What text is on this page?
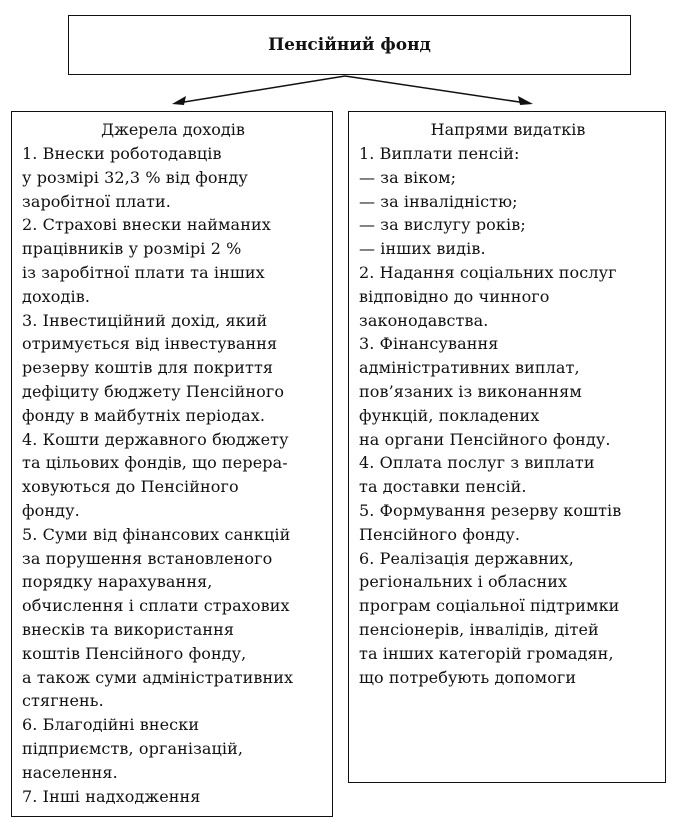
Пенсійний фонд
Джерела доходів
1. Внески роботодавців
у розмірі 32,3 % від фонду
заробітної плати.
2. Страхові внески найманих
працівників у розмірі 2 %
із заробітної плати та інших
доходів.
3. Інвестиційний дохід, який
отримується від інвестування
резерву коштів для покриття
дефіциту бюджету Пенсійного
фонду в майбутніх періодах.
4. Кошти державного бюджету
та цільових фондів, що перера-
ховуються до Пенсійного
фонду.
5. Суми від фінансових санкцій
за порушення встановленого
порядку нарахування,
обчислення і сплати страхових
внесків та використання
коштів Пенсійного фонду,
а також суми адміністративних
стягнень.
6. Благодійні внески
підприємств, організацій,
населення.
7. Інші надходження
Напрями видатків
1. Виплати пенсій:
— за віком;
— за інвалідністю;
— за вислугу років;
— інших видів.
2. Надання соціальних послуг
відповідно до чинного
законодавства.
3. Фінансування
адміністративних виплат,
пов’язаних із виконанням
функцій, покладених
на органи Пенсійного фонду.
4. Оплата послуг з виплати
та доставки пенсій.
5. Формування резерву коштів
Пенсійного фонду.
6. Реалізація державних,
регіональних і обласних
програм соціальної підтримки
пенсіонерів, інвалідів, дітей
та інших категорій громадян,
що потребують допомоги
